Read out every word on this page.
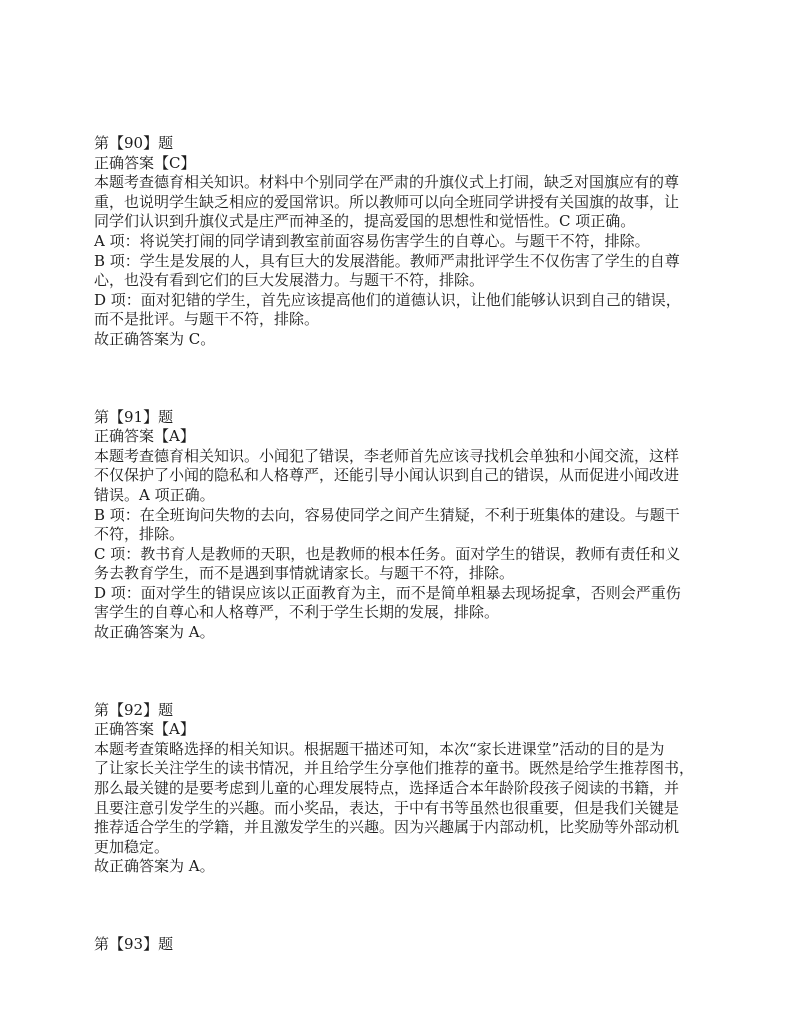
第【90】题
正确答案【C】
本题考查德育相关知识。材料中个别同学在严肃的升旗仪式上打闹，缺乏对国旗应有的尊
重，也说明学生缺乏相应的爱国常识。所以教师可以向全班同学讲授有关国旗的故事，让
同学们认识到升旗仪式是庄严而神圣的，提高爱国的思想性和觉悟性。C 项正确。
A 项：将说笑打闹的同学请到教室前面容易伤害学生的自尊心。与题干不符，排除。
B 项：学生是发展的人，具有巨大的发展潜能。教师严肃批评学生不仅伤害了学生的自尊
心，也没有看到它们的巨大发展潜力。与题干不符，排除。
D 项：面对犯错的学生，首先应该提高他们的道德认识，让他们能够认识到自己的错误，
而不是批评。与题干不符，排除。
故正确答案为 C。
第【91】题
正确答案【A】
本题考查德育相关知识。小闻犯了错误，李老师首先应该寻找机会单独和小闻交流，这样
不仅保护了小闻的隐私和人格尊严，还能引导小闻认识到自己的错误，从而促进小闻改进
错误。A 项正确。
B 项：在全班询问失物的去向，容易使同学之间产生猜疑，不利于班集体的建设。与题干
不符，排除。
C 项：教书育人是教师的天职，也是教师的根本任务。面对学生的错误，教师有责任和义
务去教育学生，而不是遇到事情就请家长。与题干不符，排除。
D 项：面对学生的错误应该以正面教育为主，而不是简单粗暴去现场捉拿，否则会严重伤
害学生的自尊心和人格尊严，不利于学生长期的发展，排除。
故正确答案为 A。
第【92】题
正确答案【A】
本题考查策略选择的相关知识。根据题干描述可知，本次“家长进课堂”活动的目的是为
了让家长关注学生的读书情况，并且给学生分享他们推荐的童书。既然是给学生推荐图书，
那么最关键的是要考虑到儿童的心理发展特点，选择适合本年龄阶段孩子阅读的书籍，并
且要注意引发学生的兴趣。而小奖品，表达，于中有书等虽然也很重要，但是我们关键是
推荐适合学生的学籍，并且激发学生的兴趣。因为兴趣属于内部动机，比奖励等外部动机
更加稳定。
故正确答案为 A。
第【93】题
